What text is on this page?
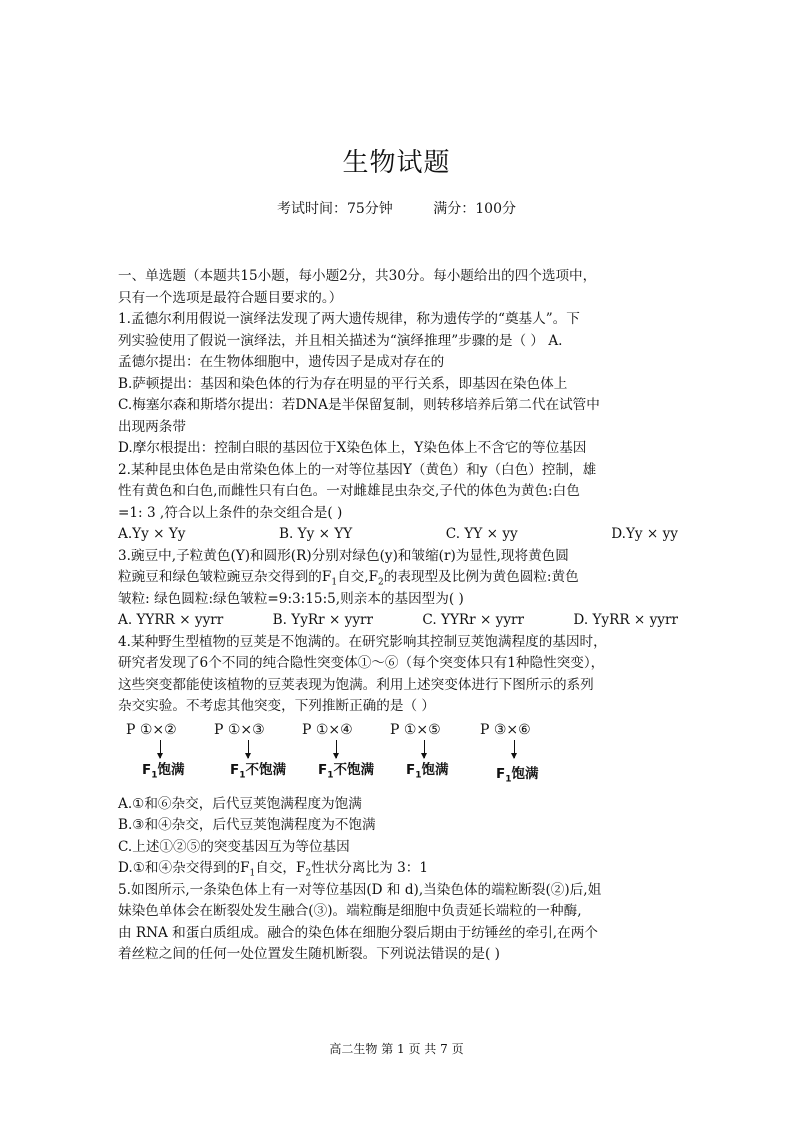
生物试题
考试时间：75分钟	满分：100分

一、单选题（本题共15小题，每小题2分，共30分。每小题给出的四个选项中，

只有一个选项是最符合题目要求的。）

1.孟德尔利用假说一演绎法发现了两大遗传规律，称为遗传学的“奠基人”。下

列实验使用了假说一演绎法，并且相关描述为“演绎推理”步骤的是（ ） A.

孟德尔提出：在生物体细胞中，遗传因子是成对存在的

B.萨顿提出：基因和染色体的行为存在明显的平行关系，即基因在染色体上

C.梅塞尔森和斯塔尔提出：若DNA是半保留复制，则转移培养后第二代在试管中

出现两条带

D.摩尔根提出：控制白眼的基因位于X染色体上，Y染色体上不含它的等位基因

2.某种昆虫体色是由常染色体上的一对等位基因Y（黄色）和y（白色）控制，雄

性有黄色和白色,而雌性只有白色。一对雌雄昆虫杂交,子代的体色为黄色:白色

=1: 3 ,符合以上条件的杂交组合是( )

A.Yy × Yy	B. Yy × YY	C. YY × yy	D.Yy × yy

3.豌豆中,子粒黄色(Y)和圆形(R)分别对绿色(y)和皱缩(r)为显性,现将黄色圆

粒豌豆和绿色皱粒豌豆杂交得到的$F_1$自交$,F_2$的表现型及比例为黄色圆粒:黄色

皱粒: 绿色圆粒:绿色皱粒=9:3:15:5,则亲本的基因型为( )

A. YYRR × yyrr	B. YyRr × yyrr	C. YYRr × yyrr	D. YyRR × yyrr

4.某种野生型植物的豆荚是不饱满的。在研究影响其控制豆荚饱满程度的基因时，

研究者发现了6个不同的纯合隐性突变体①～⑥（每个突变体只有1种隐性突变），

这些突变都能使该植物的豆荚表现为饱满。利用上述突变体进行下图所示的系列

杂交实验。不考虑其他突变，下列推断正确的是（ ）

P ①×②
$F_1$饱满
P ①×③
$F_1$不饱满
P ①×④
$F_1$不饱满
P ①×⑤
$F_1$饱满
P ③×⑥
$F_1$饱满

A.①和⑥杂交，后代豆荚饱满程度为饱满

B.③和④杂交，后代豆荚饱满程度为不饱满

C.上述①②⑤的突变基因互为等位基因

D.①和④杂交得到的$F_1$自交，$F_2$性状分离比为 3：1

5.如图所示,一条染色体上有一对等位基因(D 和 d),当染色体的端粒断裂(②)后,姐

妹染色单体会在断裂处发生融合(③)。端粒酶是细胞中负责延长端粒的一种酶,

由 RNA 和蛋白质组成。融合的染色体在细胞分裂后期由于纺锤丝的牵引,在两个

着丝粒之间的任何一处位置发生随机断裂。下列说法错误的是( )

高二生物 第 1 页 共 7 页
